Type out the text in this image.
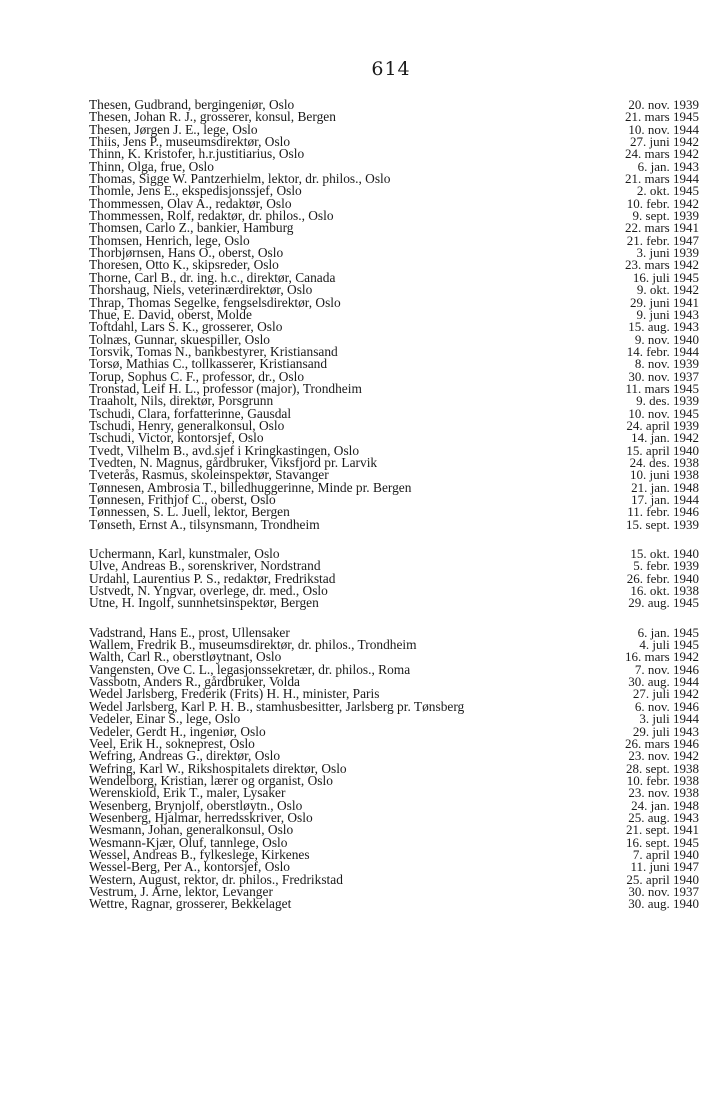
614
Thesen, Gudbrand, bergingeniør, Oslo	20. nov. 1939
Thesen, Johan R. J., grosserer, konsul, Bergen	21. mars 1945
Thesen, Jørgen J. E., lege, Oslo	10. nov. 1944
Thiis, Jens P., museumsdirektør, Oslo	27. juni 1942
Thinn, K. Kristofer, h.r.justitiarius, Oslo	24. mars 1942
Thinn, Olga, frue, Oslo	6. jan. 1943
Thomas, Sigge W. Pantzerhielm, lektor, dr. philos., Oslo	21. mars 1944
Thomle, Jens E., ekspedisjonssjef, Oslo	2. okt. 1945
Thommessen, Olav A., redaktør, Oslo	10. febr. 1942
Thommessen, Rolf, redaktør, dr. philos., Oslo	9. sept. 1939
Thomsen, Carlo Z., bankier, Hamburg	22. mars 1941
Thomsen, Henrich, lege, Oslo	21. febr. 1947
Thorbjørnsen, Hans O., oberst, Oslo	3. juni 1939
Thoresen, Otto K., skipsreder, Oslo	23. mars 1942
Thorne, Carl B., dr. ing. h.c., direktør, Canada	16. juli 1945
Thorshaug, Niels, veterinærdirektør, Oslo	9. okt. 1942
Thrap, Thomas Segelke, fengselsdirektør, Oslo	29. juni 1941
Thue, E. David, oberst, Molde	9. juni 1943
Toftdahl, Lars S. K., grosserer, Oslo	15. aug. 1943
Tolnæs, Gunnar, skuespiller, Oslo	9. nov. 1940
Torsvik, Tomas N., bankbestyrer, Kristiansand	14. febr. 1944
Torsø, Mathias C., tollkasserer, Kristiansand	8. nov. 1939
Torup, Sophus C. F., professor, dr., Oslo	30. nov. 1937
Tronstad, Leif H. L., professor (major), Trondheim	11. mars 1945
Traaholt, Nils, direktør, Porsgrunn	9. des. 1939
Tschudi, Clara, forfatterinne, Gausdal	10. nov. 1945
Tschudi, Henry, generalkonsul, Oslo	24. april 1939
Tschudi, Victor, kontorsjef, Oslo	14. jan. 1942
Tvedt, Vilhelm B., avd.sjef i Kringkastingen, Oslo	15. april 1940
Tvedten, N. Magnus, gårdbruker, Viksfjord pr. Larvik	24. des. 1938
Tveterås, Rasmus, skoleinspektør, Stavanger	10. juni 1938
Tønnesen, Ambrosia T., billedhuggerinne, Minde pr. Bergen	21. jan. 1948
Tønnesen, Frithjof C., oberst, Oslo	17. jan. 1944
Tønnessen, S. L. Juell, lektor, Bergen	11. febr. 1946
Tønseth, Ernst A., tilsynsmann, Trondheim	15. sept. 1939
Uchermann, Karl, kunstmaler, Oslo	15. okt. 1940
Ulve, Andreas B., sorenskriver, Nordstrand	5. febr. 1939
Urdahl, Laurentius P. S., redaktør, Fredrikstad	26. febr. 1940
Ustvedt, N. Yngvar, overlege, dr. med., Oslo	16. okt. 1938
Utne, H. Ingolf, sunnhetsinspektør, Bergen	29. aug. 1945
Vadstrand, Hans E., prost, Ullensaker	6. jan. 1945
Wallem, Fredrik B., museumsdirektør, dr. philos., Trondheim	4. juli 1945
Walth, Carl R., oberstløytnant, Oslo	16. mars 1942
Vangensten, Ove C. L., legasjonssekretær, dr. philos., Roma	7. nov. 1946
Vassbotn, Anders R., gårdbruker, Volda	30. aug. 1944
Wedel Jarlsberg, Frederik (Frits) H. H., minister, Paris	27. juli 1942
Wedel Jarlsberg, Karl P. H. B., stamhusbesitter, Jarlsberg pr. Tønsberg	6. nov. 1946
Vedeler, Einar S., lege, Oslo	3. juli 1944
Vedeler, Gerdt H., ingeniør, Oslo	29. juli 1943
Veel, Erik H., sokneprest, Oslo	26. mars 1946
Wefring, Andreas G., direktør, Oslo	23. nov. 1942
Wefring, Karl W., Rikshospitalets direktør, Oslo	28. sept. 1938
Wendelborg, Kristian, lærer og organist, Oslo	10. febr. 1938
Werenskiold, Erik T., maler, Lysaker	23. nov. 1938
Wesenberg, Brynjolf, oberstløytn., Oslo	24. jan. 1948
Wesenberg, Hjalmar, herredsskriver, Oslo	25. aug. 1943
Wesmann, Johan, generalkonsul, Oslo	21. sept. 1941
Wesmann-Kjær, Oluf, tannlege, Oslo	16. sept. 1945
Wessel, Andreas B., fylkeslege, Kirkenes	7. april 1940
Wessel-Berg, Per A., kontorsjef, Oslo	11. juni 1947
Western, August, rektor, dr. philos., Fredrikstad	25. april 1940
Vestrum, J. Arne, lektor, Levanger	30. nov. 1937
Wettre, Ragnar, grosserer, Bekkelaget	30. aug. 1940
